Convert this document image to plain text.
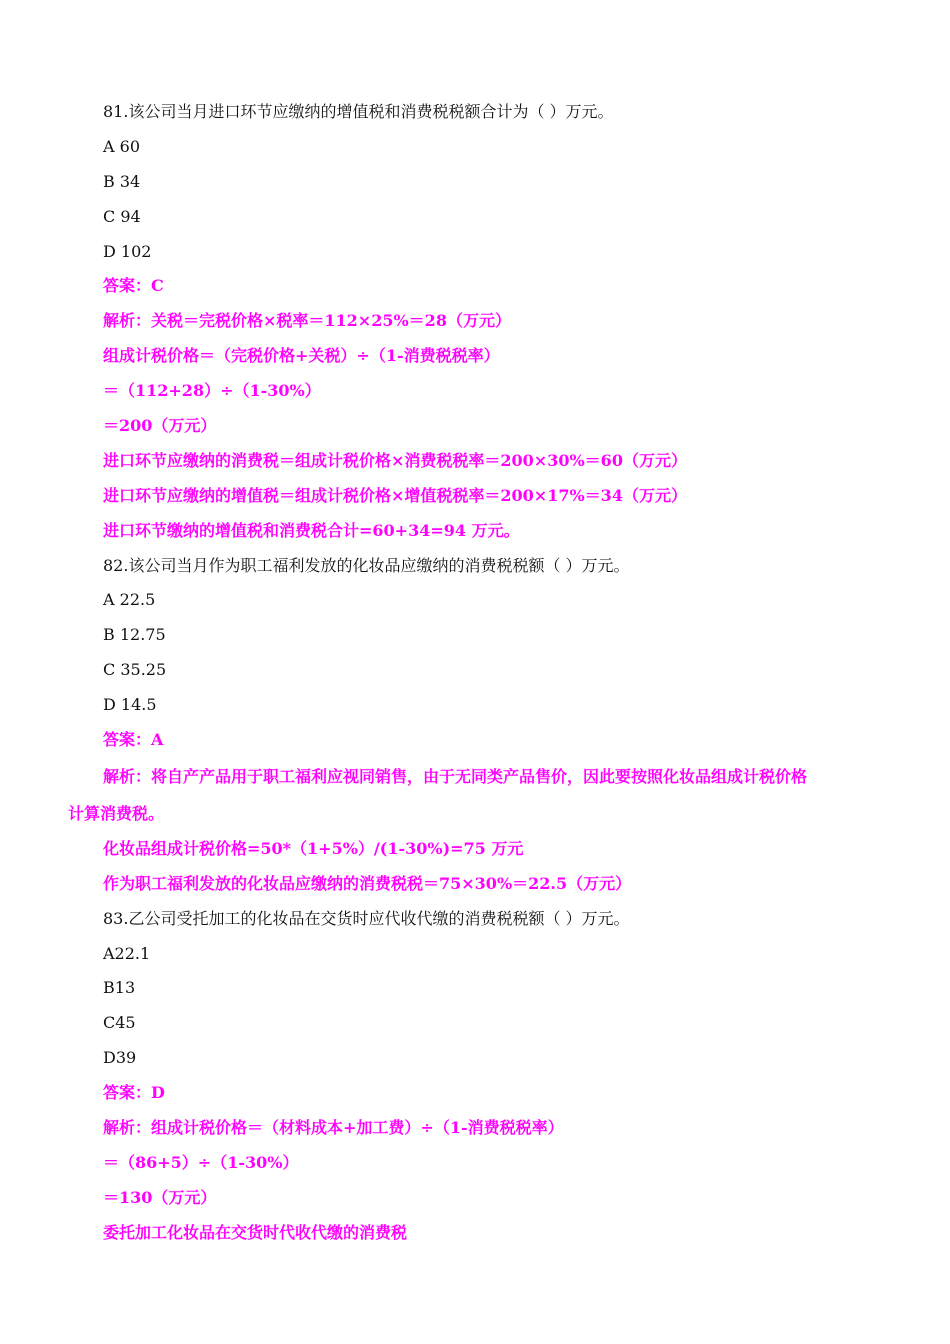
81.该公司当月进口环节应缴纳的增值税和消费税税额合计为（ ）万元。
A 60
B 34
C 94
D 102
答案：C
解析：关税＝完税价格×税率＝112×25%＝28（万元）
组成计税价格＝（完税价格+关税）÷（1-消费税税率）
＝（112+28）÷（1-30%）
＝200（万元）
进口环节应缴纳的消费税＝组成计税价格×消费税税率＝200×30%＝60（万元）
进口环节应缴纳的增值税＝组成计税价格×增值税税率＝200×17%＝34（万元）
进口环节缴纳的增值税和消费税合计=60+34=94 万元。
82.该公司当月作为职工福利发放的化妆品应缴纳的消费税税额（ ）万元。
A 22.5
B 12.75
C 35.25
D 14.5
答案：A
解析：将自产产品用于职工福利应视同销售，由于无同类产品售价，因此要按照化妆品组成计税价格
计算消费税。
化妆品组成计税价格=50*（1+5%）/(1-30%)=75 万元
作为职工福利发放的化妆品应缴纳的消费税税＝75×30%＝22.5（万元）
83.乙公司受托加工的化妆品在交货时应代收代缴的消费税税额（ ）万元。
A22.1
B13
C45
D39
答案：D
解析：组成计税价格＝（材料成本+加工费）÷（1-消费税税率）
＝（86+5）÷（1-30%）
＝130（万元）
委托加工化妆品在交货时代收代缴的消费税
